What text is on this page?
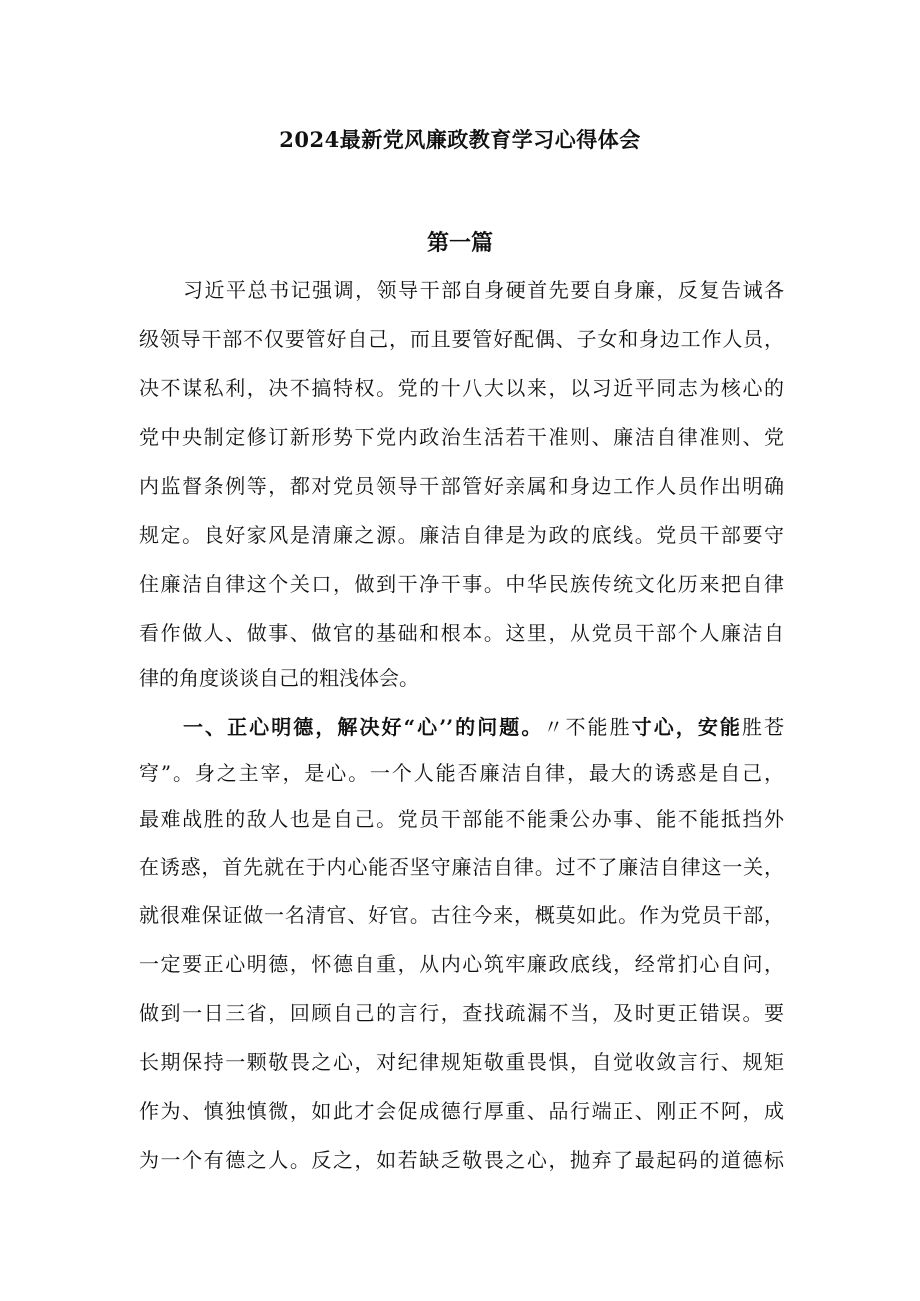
2024最新党风廉政教育学习心得体会
第一篇
习近平总书记强调，领导干部自身硬首先要自身廉，反复告诫各
级领导干部不仅要管好自己，而且要管好配偶、子女和身边工作人员，
决不谋私利，决不搞特权。党的十八大以来，以习近平同志为核心的
党中央制定修订新形势下党内政治生活若干准则、廉洁自律准则、党
内监督条例等，都对党员领导干部管好亲属和身边工作人员作出明确
规定。良好家风是清廉之源。廉洁自律是为政的底线。党员干部要守
住廉洁自律这个关口，做到干净干事。中华民族传统文化历来把自律
看作做人、做事、做官的基础和根本。这里，从党员干部个人廉洁自
律的角度谈谈自己的粗浅体会。
一、正心明德，解决好“心’’的问题。〃不能胜寸心，安能胜苍
穹”。身之主宰，是心。一个人能否廉洁自律，最大的诱惑是自己，
最难战胜的敌人也是自己。党员干部能不能秉公办事、能不能抵挡外
在诱惑，首先就在于内心能否坚守廉洁自律。过不了廉洁自律这一关，
就很难保证做一名清官、好官。古往今来，概莫如此。作为党员干部，
一定要正心明德，怀德自重，从内心筑牢廉政底线，经常扪心自问，
做到一日三省，回顾自己的言行，查找疏漏不当，及时更正错误。要
长期保持一颗敬畏之心，对纪律规矩敬重畏惧，自觉收敛言行、规矩
作为、慎独慎微，如此才会促成德行厚重、品行端正、刚正不阿，成
为一个有德之人。反之，如若缺乏敬畏之心，抛弃了最起码的道德标
